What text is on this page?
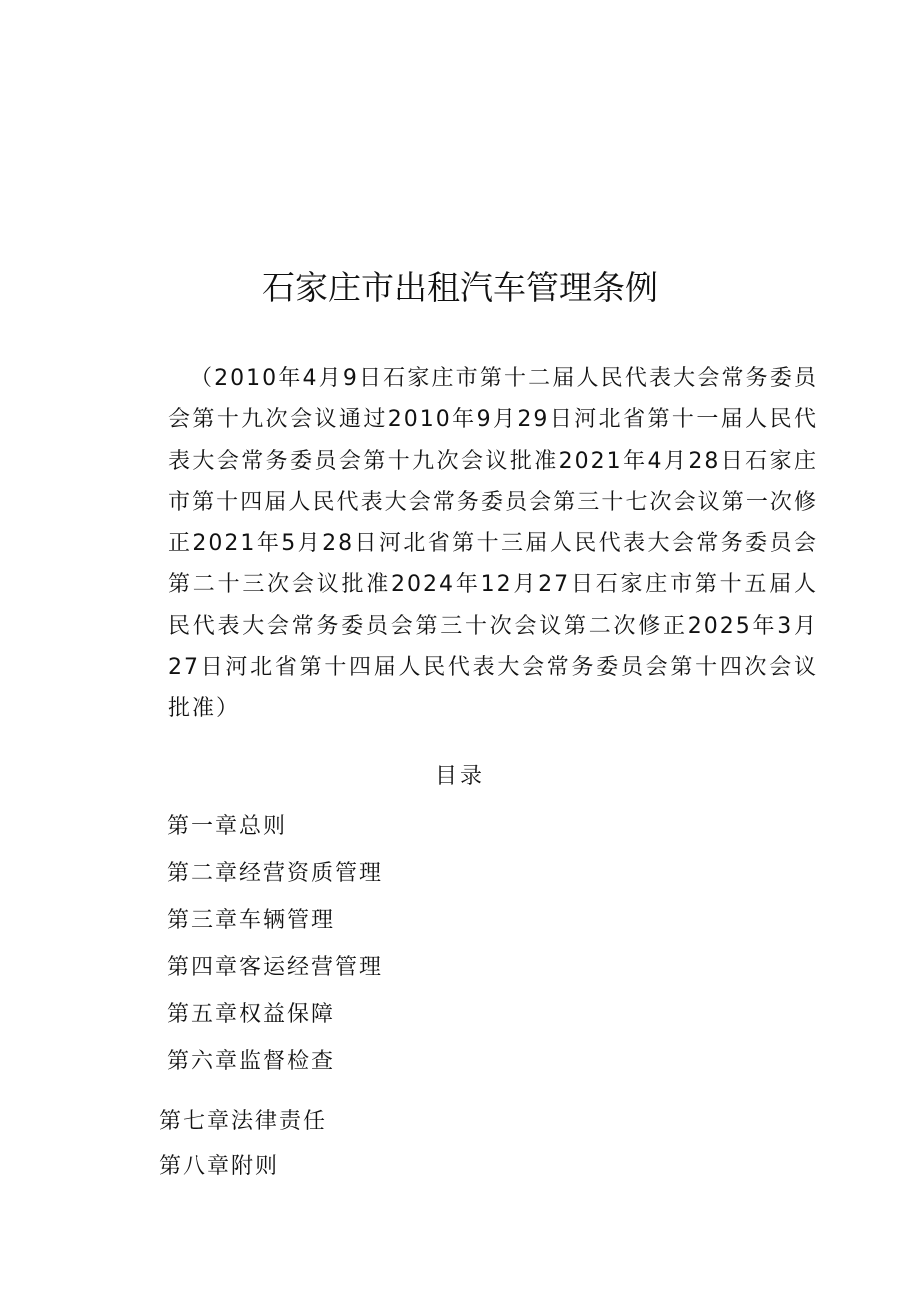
石家庄市出租汽车管理条例

（2010年4月9日石家庄市第十二届人民代表大会常务委员会第十九次会议通过2010年9月29日河北省第十一届人民代表大会常务委员会第十九次会议批准2021年4月28日石家庄市第十四届人民代表大会常务委员会第三十七次会议第一次修正2021年5月28日河北省第十三届人民代表大会常务委员会第二十三次会议批准2024年12月27日石家庄市第十五届人民代表大会常务委员会第三十次会议第二次修正2025年3月27日河北省第十四届人民代表大会常务委员会第十四次会议批准）

目录
第一章总则
第二章经营资质管理
第三章车辆管理
第四章客运经营管理
第五章权益保障
第六章监督检查
第七章法律责任
第八章附则
